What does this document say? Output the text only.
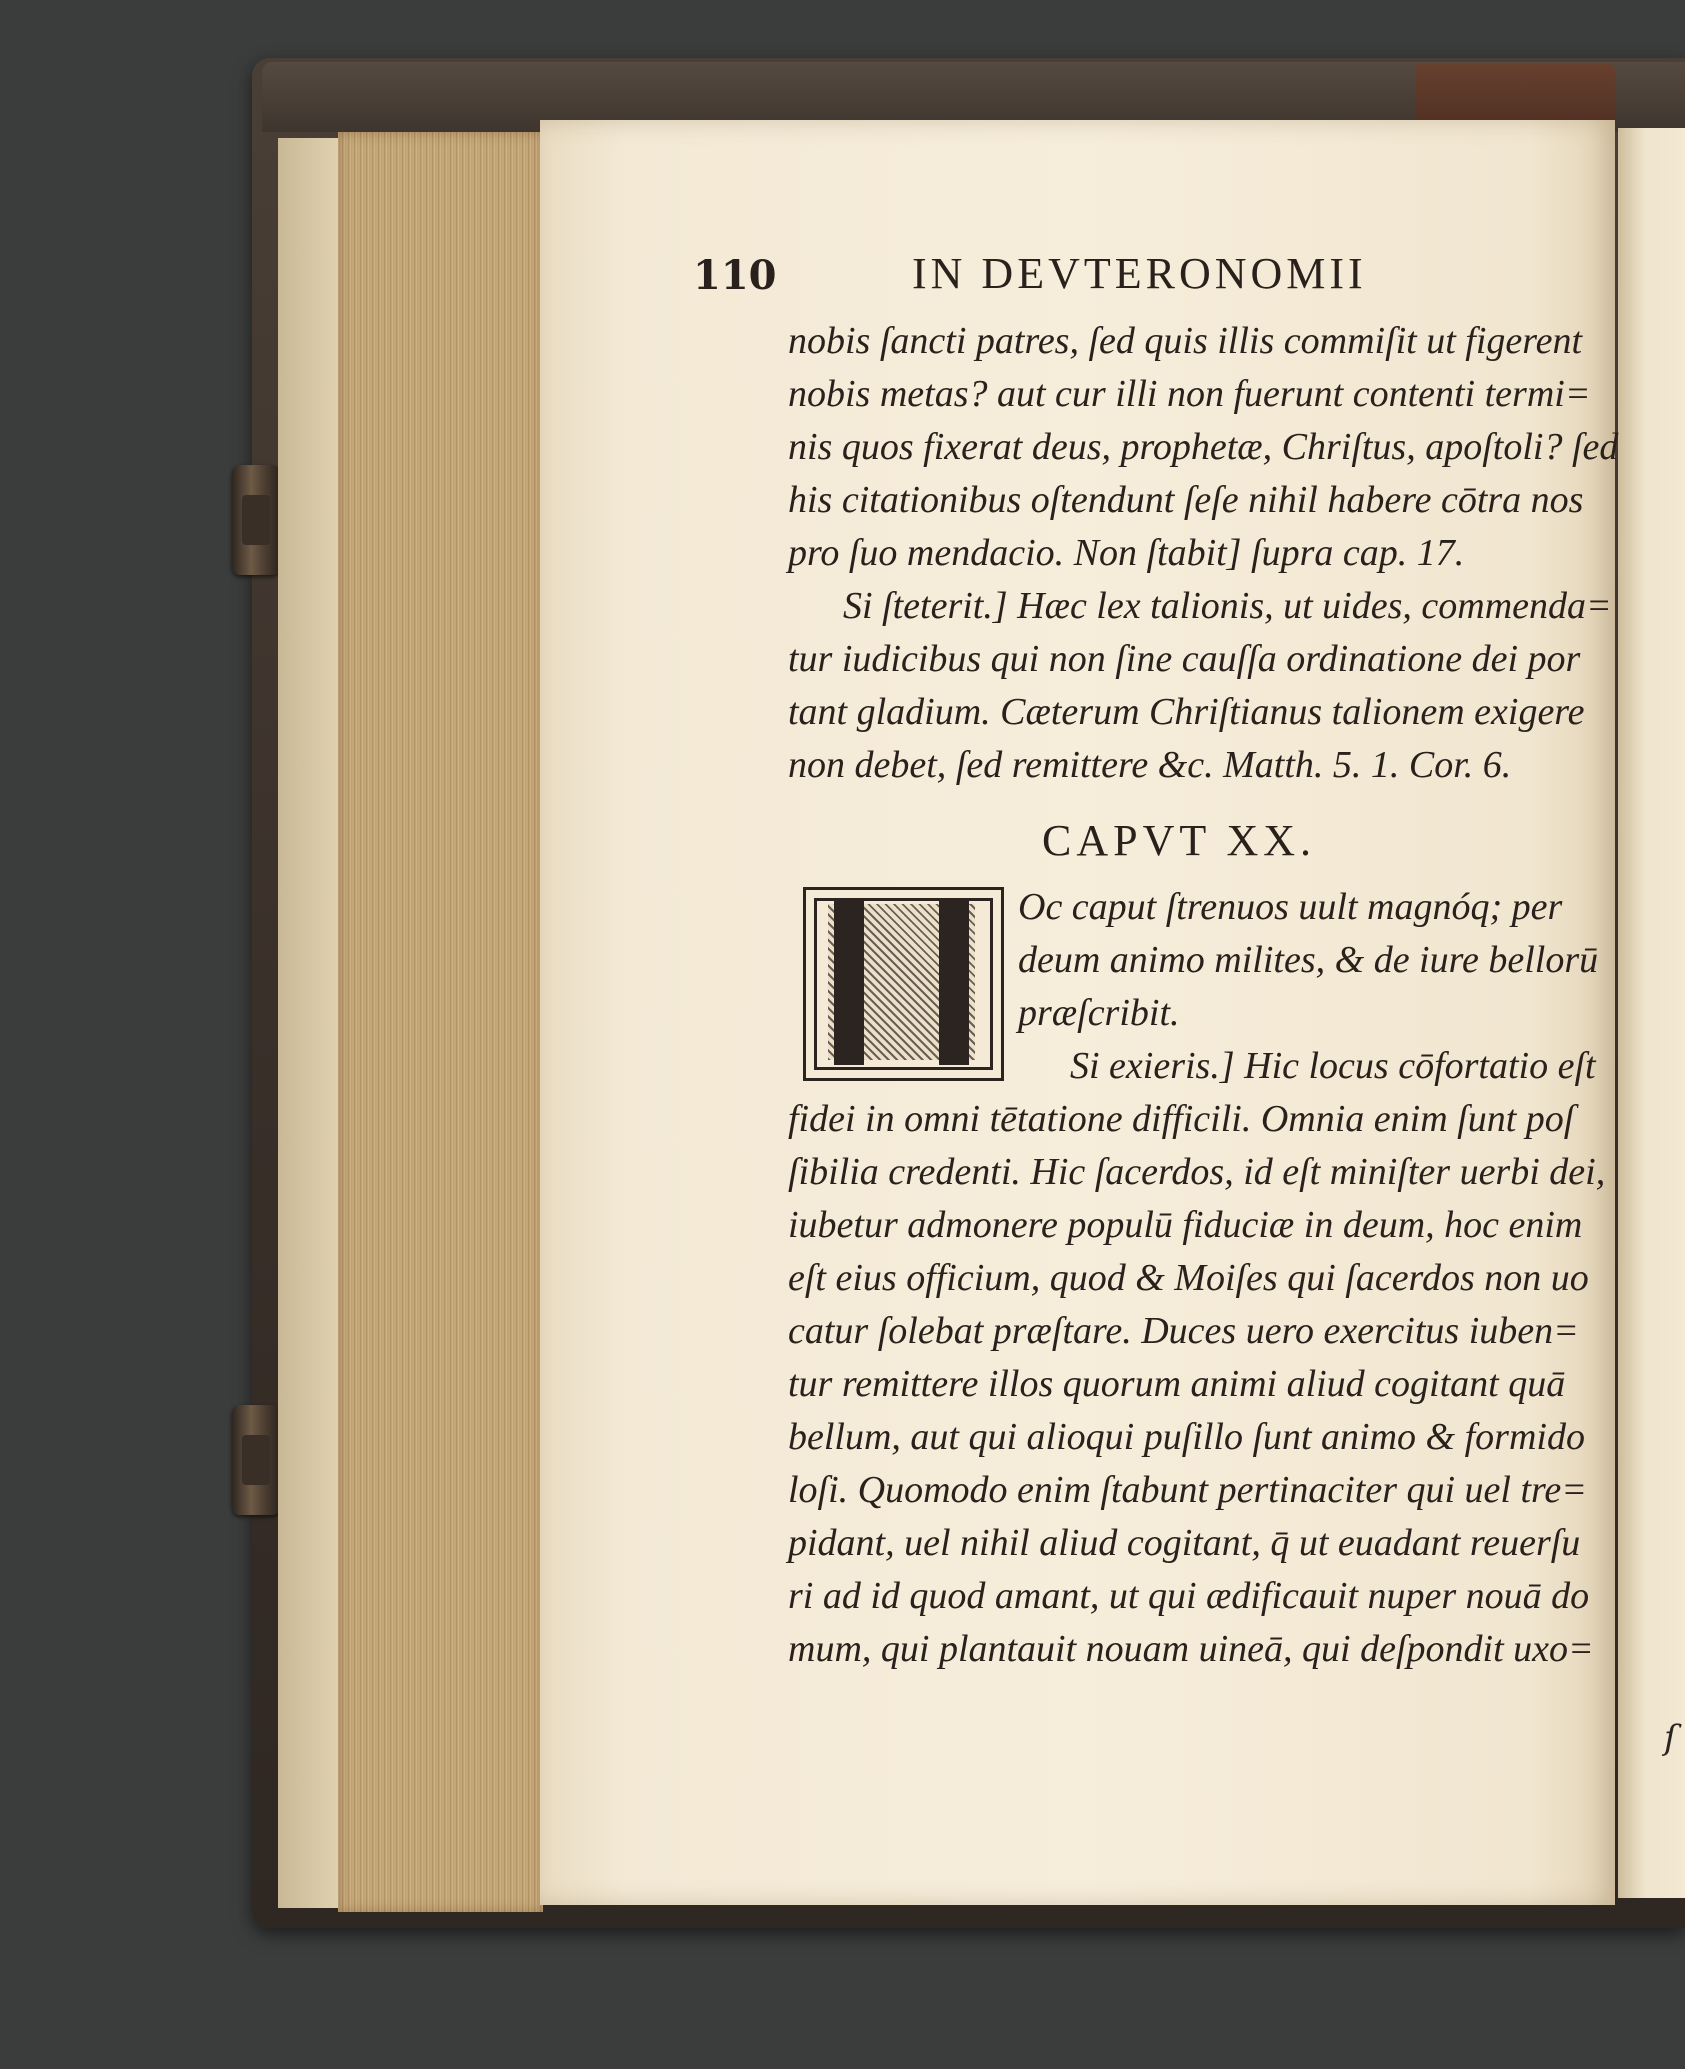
ſ
110	IN DEVTERONOMII
nobis ſancti patres, ſed quis illis commiſit ut figerent
nobis metas? aut cur illi non fuerunt contenti termi=
nis quos fixerat deus, prophetæ, Chriſtus, apoſtoli? ſed
his citationibus oſtendunt ſeſe nihil habere cōtra nos
pro ſuo mendacio. Non ſtabit] ſupra cap. 17.
Si ſteterit.] Hæc lex talionis, ut uides, commenda=
tur iudicibus qui non ſine cauſſa ordinatione dei por
tant gladium. Cæterum Chriſtianus talionem exigere
non debet, ſed remittere &c. Matth. 5. 1. Cor. 6.
CAPVT XX.
Oc caput ſtrenuos uult magnóq; per
deum animo milites, & de iure bellorū
præſcribit.
Si exieris.] Hic locus cōfortatio eſt
fidei in omni tētatione difficili. Omnia enim ſunt poſ
ſibilia credenti. Hic ſacerdos, id eſt miniſter uerbi dei,
iubetur admonere populū fiduciæ in deum, hoc enim
eſt eius officium, quod & Moiſes qui ſacerdos non uo
catur ſolebat præſtare. Duces uero exercitus iuben=
tur remittere illos quorum animi aliud cogitant quā
bellum, aut qui alioqui puſillo ſunt animo & formido
loſi. Quomodo enim ſtabunt pertinaciter qui uel tre=
pidant, uel nihil aliud cogitant, q̄ ut euadant reuerſu
ri ad id quod amant, ut qui ædificauit nuper nouā do
mum, qui plantauit nouam uineā, qui deſpondit uxo=
